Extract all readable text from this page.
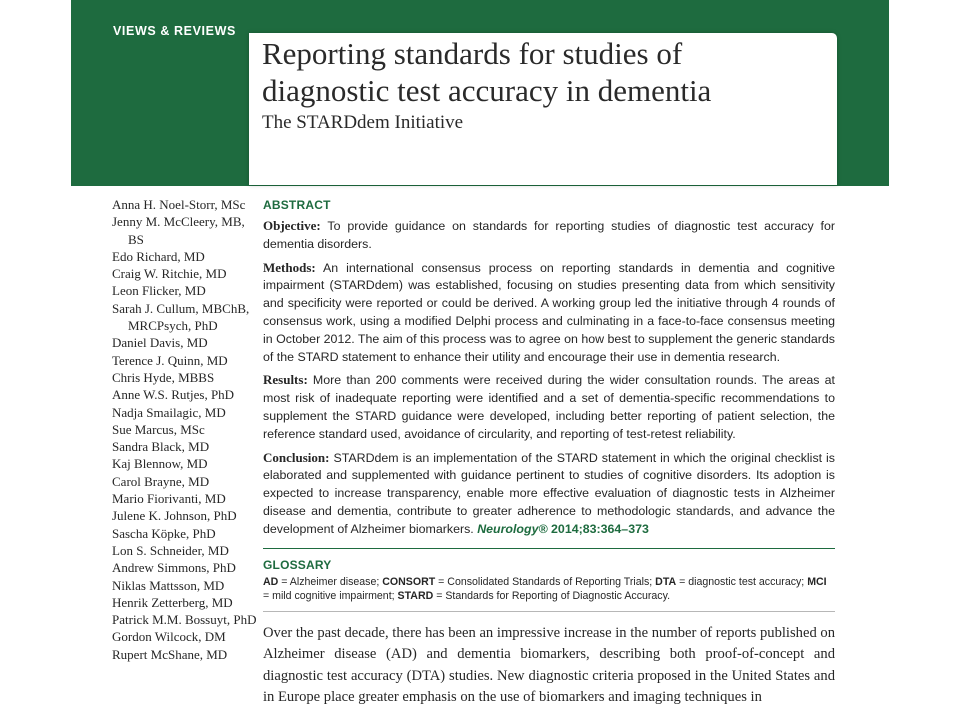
VIEWS & REVIEWS
Reporting standards for studies of
diagnostic test accuracy in dementia
The STARDdem Initiative
Anna H. Noel-Storr, MSc
Jenny M. McCleery, MB, BS
Edo Richard, MD
Craig W. Ritchie, MD
Leon Flicker, MD
Sarah J. Cullum, MBChB, MRCPsych, PhD
Daniel Davis, MD
Terence J. Quinn, MD
Chris Hyde, MBBS
Anne W.S. Rutjes, PhD
Nadja Smailagic, MD
Sue Marcus, MSc
Sandra Black, MD
Kaj Blennow, MD
Carol Brayne, MD
Mario Fiorivanti, MD
Julene K. Johnson, PhD
Sascha Köpke, PhD
Lon S. Schneider, MD
Andrew Simmons, PhD
Niklas Mattsson, MD
Henrik Zetterberg, MD
Patrick M.M. Bossuyt, PhD
Gordon Wilcock, DM
Rupert McShane, MD
ABSTRACT
Objective: To provide guidance on standards for reporting studies of diagnostic test accuracy for dementia disorders.
Methods: An international consensus process on reporting standards in dementia and cognitive impairment (STARDdem) was established, focusing on studies presenting data from which sensitivity and specificity were reported or could be derived. A working group led the initiative through 4 rounds of consensus work, using a modified Delphi process and culminating in a face-to-face consensus meeting in October 2012. The aim of this process was to agree on how best to supplement the generic standards of the STARD statement to enhance their utility and encourage their use in dementia research.
Results: More than 200 comments were received during the wider consultation rounds. The areas at most risk of inadequate reporting were identified and a set of dementia-specific recommendations to supplement the STARD guidance were developed, including better reporting of patient selection, the reference standard used, avoidance of circularity, and reporting of test-retest reliability.
Conclusion: STARDdem is an implementation of the STARD statement in which the original checklist is elaborated and supplemented with guidance pertinent to studies of cognitive disorders. Its adoption is expected to increase transparency, enable more effective evaluation of diagnostic tests in Alzheimer disease and dementia, contribute to greater adherence to methodologic standards, and advance the development of Alzheimer biomarkers. Neurology® 2014;83:364–373
GLOSSARY
AD = Alzheimer disease; CONSORT = Consolidated Standards of Reporting Trials; DTA = diagnostic test accuracy; MCI = mild cognitive impairment; STARD = Standards for Reporting of Diagnostic Accuracy.
Over the past decade, there has been an impressive increase in the number of reports published on Alzheimer disease (AD) and dementia biomarkers, describing both proof-of-concept and diagnostic test accuracy (DTA) studies. New diagnostic criteria proposed in the United States and in Europe place greater emphasis on the use of biomarkers and imaging techniques in
